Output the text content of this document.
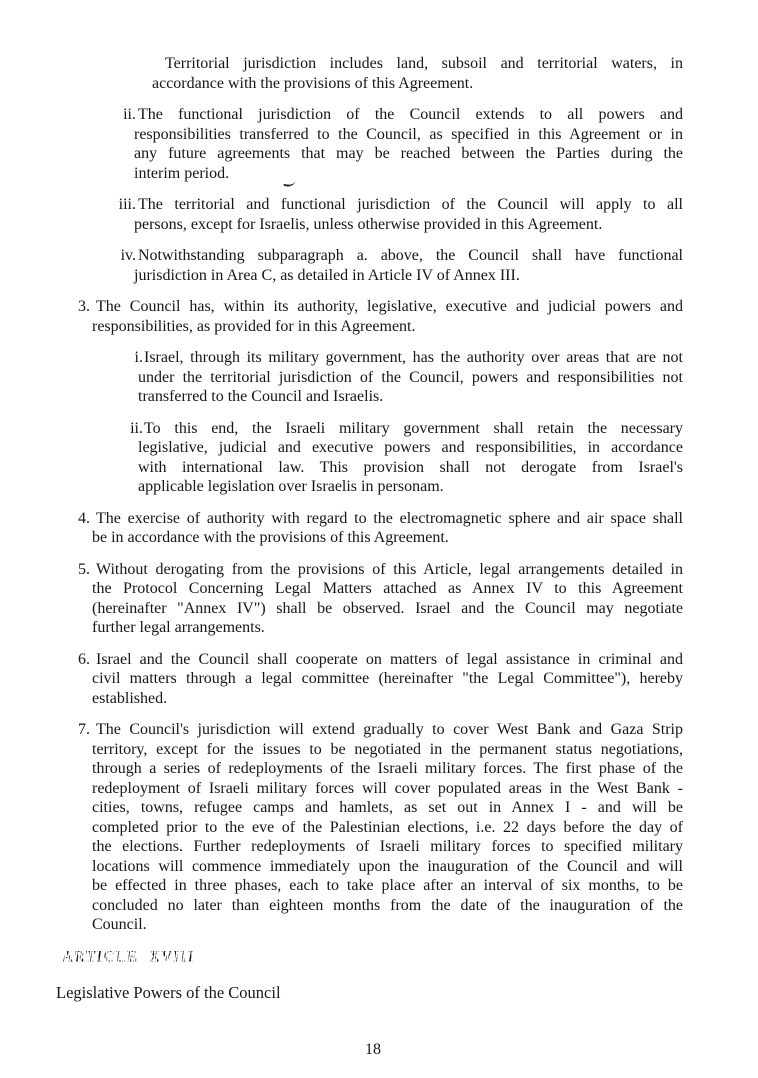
Territorial jurisdiction includes land, subsoil and territorial waters, in
accordance with the provisions of this Agreement.
ii. The functional jurisdiction of the Council extends to all powers and
responsibilities transferred to the Council, as specified in this Agreement or in
any future agreements that may be reached between the Parties during the
interim period.
iii. The territorial and functional jurisdiction of the Council will apply to all
persons, except for Israelis, unless otherwise provided in this Agreement.
iv. Notwithstanding subparagraph a. above, the Council shall have functional
jurisdiction in Area C, as detailed in Article IV of Annex III.
3. The Council has, within its authority, legislative, executive and judicial powers and
responsibilities, as provided for in this Agreement.
i. Israel, through its military government, has the authority over areas that are not
under the territorial jurisdiction of the Council, powers and responsibilities not
transferred to the Council and Israelis.
ii. To this end, the Israeli military government shall retain the necessary
legislative, judicial and executive powers and responsibilities, in accordance
with international law. This provision shall not derogate from Israel's
applicable legislation over Israelis in personam.
4. The exercise of authority with regard to the electromagnetic sphere and air space shall
be in accordance with the provisions of this Agreement.
5. Without derogating from the provisions of this Article, legal arrangements detailed in
the Protocol Concerning Legal Matters attached as Annex IV to this Agreement
(hereinafter "Annex IV") shall be observed. Israel and the Council may negotiate
further legal arrangements.
6. Israel and the Council shall cooperate on matters of legal assistance in criminal and
civil matters through a legal committee (hereinafter "the Legal Committee"), hereby
established.
7. The Council's jurisdiction will extend gradually to cover West Bank and Gaza Strip
territory, except for the issues to be negotiated in the permanent status negotiations,
through a series of redeployments of the Israeli military forces. The first phase of the
redeployment of Israeli military forces will cover populated areas in the West Bank -
cities, towns, refugee camps and hamlets, as set out in Annex I - and will be
completed prior to the eve of the Palestinian elections, i.e. 22 days before the day of
the elections. Further redeployments of Israeli military forces to specified military
locations will commence immediately upon the inauguration of the Council and will
be effected in three phases, each to take place after an interval of six months, to be
concluded no later than eighteen months from the date of the inauguration of the
Council.
ARTICLE XVIII
Legislative Powers of the Council
18
